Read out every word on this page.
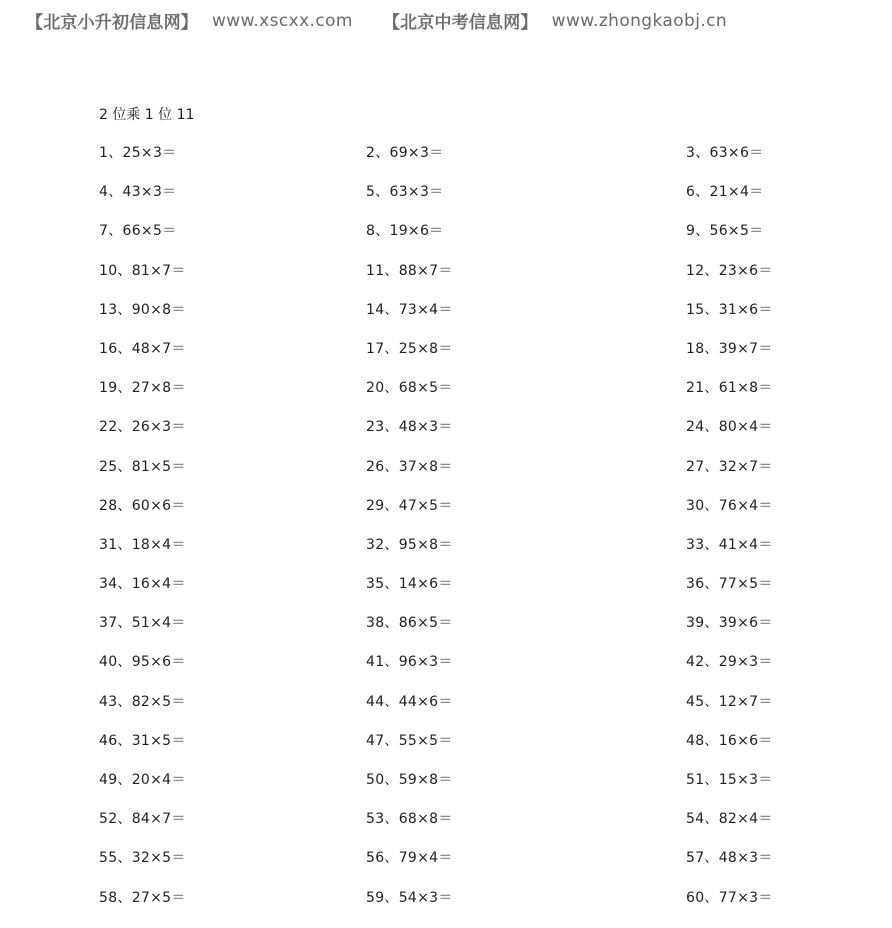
【北京小升初信息网】 www.xscxx.com 【北京中考信息网】 www.zhongkaobj.cn
2 位乘 1 位 11
1、25×3＝	2、69×3＝	3、63×6＝
4、43×3＝	5、63×3＝	6、21×4＝
7、66×5＝	8、19×6＝	9、56×5＝
10、81×7＝	11、88×7＝	12、23×6＝
13、90×8＝	14、73×4＝	15、31×6＝
16、48×7＝	17、25×8＝	18、39×7＝
19、27×8＝	20、68×5＝	21、61×8＝
22、26×3＝	23、48×3＝	24、80×4＝
25、81×5＝	26、37×8＝	27、32×7＝
28、60×6＝	29、47×5＝	30、76×4＝
31、18×4＝	32、95×8＝	33、41×4＝
34、16×4＝	35、14×6＝	36、77×5＝
37、51×4＝	38、86×5＝	39、39×6＝
40、95×6＝	41、96×3＝	42、29×3＝
43、82×5＝	44、44×6＝	45、12×7＝
46、31×5＝	47、55×5＝	48、16×6＝
49、20×4＝	50、59×8＝	51、15×3＝
52、84×7＝	53、68×8＝	54、82×4＝
55、32×5＝	56、79×4＝	57、48×3＝
58、27×5＝	59、54×3＝	60、77×3＝
